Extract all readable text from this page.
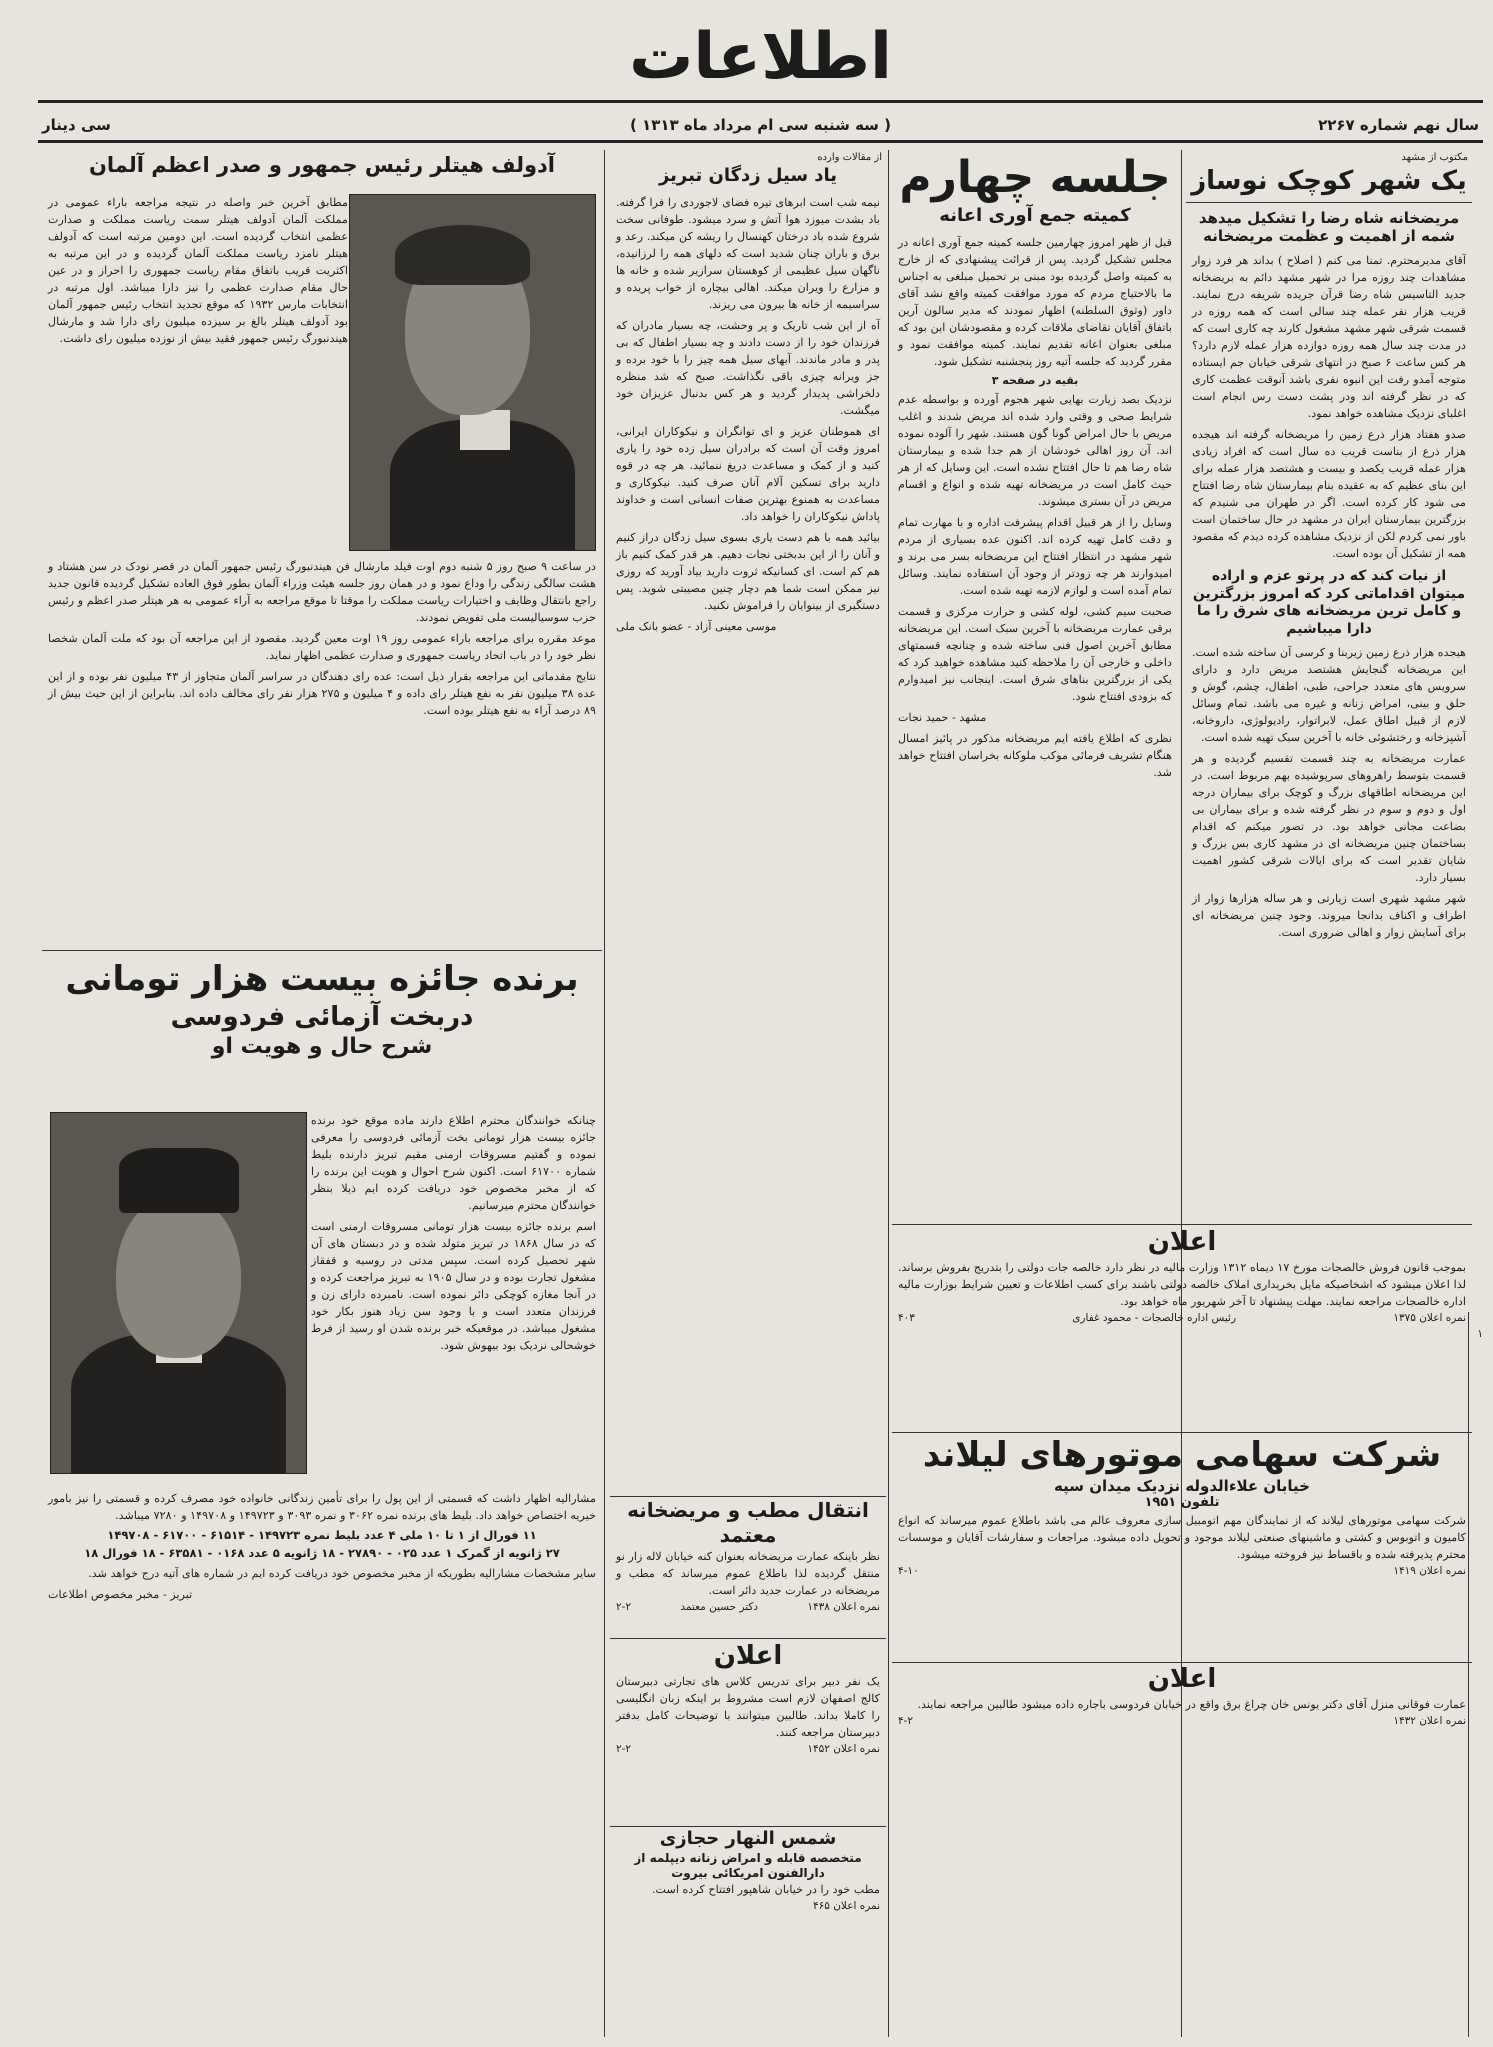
اطلاعات
سال نهم شماره ۲۲۶۷
( سه شنبه سی ام مرداد ماه ۱۳۱۳ )
سی دینار
مکتوب از مشهد
یک شهر کوچک نوساز
مریضخانه شاه رضا را تشکیل میدهد شمه از اهمیت و عظمت مریضخانه

آقای مدیرمحترم. تمنا می کنم ( اصلاح ) بداند هر فرد زوار مشاهدات چند روزه مرا در شهر مشهد دائم به بریضخانه جدید التاسیس شاه رضا قرآن جریده شریفه درج نمایند. قریب هزار نفر عمله چند سالی است که همه روزه در قسمت شرقی شهر مشهد مشغول کارند چه کاری است که در مدت چند سال همه روزه دوازده هزار عمله لازم دارد؟ هر کس ساعت ۶ صبح در انتهای شرقی خیابان جم ایستاده متوجه آمدو رفت این انبوه نفری باشد آنوقت عظمت کاری که در نظر گرفته اند ودر پشت دست رس انجام است اغلبای نزدیک مشاهده خواهد نمود.

صدو هفتاد هزار ذرع زمین را مریضخانه گرفته اند هیجده هزار ذرع از بناست قریب ده سال است که افراد زیادی هزار عمله قریب یکصد و بیست و هشتصد هزار عمله برای این بنای عظیم که به عقیده بنام بیمارستان شاه رضا افتتاح می شود کار کرده است. اگر در طهران می شنیدم که بزرگترین بیمارستان ایران در مشهد در حال ساختمان است باور نمی کردم لکن از نزدیک مشاهده کرده دیدم که مقصود همه از تشکیل آن بوده است.

از نیات کند که در پرتو عزم و اراده میتوان اقداماتی کرد که امروز بزرگترین و کامل ترین مریضخانه های شرق را ما دارا میباشیم

هیجده هزار ذرع زمین زیربنا و کرسی آن ساخته شده است. این مریضخانه گنجایش هشتصد مریض دارد و دارای سرویس های متعدد جراحی، طبی، اطفال، چشم، گوش و حلق و بینی، امراض زنانه و غیره می باشد. تمام وسائل لازم از قبیل اطاق عمل، لابراتوار، رادیولوژی، داروخانه، آشپزخانه و رختشوئی خانه با آخرین سبک تهیه شده است.

عمارت مریضخانه به چند قسمت تقسیم گردیده و هر قسمت بتوسط راهروهای سرپوشیده بهم مربوط است. در این مریضخانه اطاقهای بزرگ و کوچک برای بیماران درجه اول و دوم و سوم در نظر گرفته شده و برای بیماران بی بضاعت مجانی خواهد بود. در تصور میکنم که اقدام بساختمان چنین مریضخانه ای در مشهد کاری بس بزرگ و شایان تقدیر است که برای ایالات شرقی کشور اهمیت بسیار دارد.

شهر مشهد شهری است زیارتی و هر ساله هزارها زوار از اطراف و اکناف بدانجا میروند. وجود چنین مریضخانه ای برای آسایش زوار و اهالی ضروری است.

۱
جلسه چهارم
کمیته جمع آوری اعانه

قبل از ظهر امروز چهارمین جلسه کمیته جمع آوری اعانه در مجلس تشکیل گردید. پس از قرائت پیشنهادی که از خارج به کمیته واصل گردیده بود مبنی بر تحمیل مبلغی به اجناس ما بالاحتیاج مردم که مورد موافقت کمیته واقع نشد آقای داور (وثوق السلطنه) اظهار نمودند که مدیر سالون آرین باتفاق آقایان تقاضای ملاقات کرده و مقصودشان این بود که مبلغی بعنوان اعانه تقدیم نمایند. کمیته موافقت نمود و مقرر گردید که جلسه آتیه روز پنجشنبه تشکیل شود.

بقیه در صفحه ۳

نزدیک بصد زیارت بهایی شهر هجوم آورده و بواسطه عدم شرایط صحی و وقتی وارد شده اند مریض شدند و اغلب مریض با حال امراض گونا گون هستند. شهر را آلوده نموده اند. آن روز اهالی خودشان از هم جدا شده و بیمارستان شاه رضا هم تا حال افتتاح نشده است. این وسایل که از هر حیث کامل است در مریضخانه تهیه شده و انواع و اقسام مریض در آن بستری میشوند.

وسایل را از هر قبیل اقدام پیشرفت اداره و با مهارت تمام و دقت کامل تهیه کرده اند. اکنون عده بسیاری از مردم شهر مشهد در انتظار افتتاح این مریضخانه بسر می برند و امیدوارند هر چه زودتر از وجود آن استفاده نمایند. وسائل تمام آمده است و لوازم لازمه تهیه شده است.

صحبت سیم کشی، لوله کشی و حرارت مرکزی و قسمت برقی عمارت مریضخانه با آخرین سبک است. این مریضخانه مطابق آخرین اصول فنی ساخته شده و چنانچه قسمتهای داخلی و خارجی آن را ملاحظه کنید مشاهده خواهید کرد که یکی از بزرگترین بناهای شرق است. اینجانب نیز امیدوارم که بزودی افتتاح شود.

مشهد - حمید نجات

نظری که اطلاع یافته ایم مریضخانه مذکور در پائیز امسال هنگام تشریف فرمائی موکب ملوکانه بخراسان افتتاح خواهد شد.

اعلان
بموجب قانون فروش خالصجات مورخ ۱۷ دیماه ۱۳۱۲ وزارت مالیه در نظر دارد خالصه جات دولتی را بتدریج بفروش برساند. لذا اعلان میشود که اشخاصیکه مایل بخریداری املاک خالصه دولتی باشند برای کسب اطلاعات و تعیین شرایط بوزارت مالیه اداره خالصجات مراجعه نمایند. مهلت پیشنهاد تا آخر شهریور ماه خواهد بود.
نمره اعلان ۱۳۷۵
رئیس اداره خالصجات - محمود غفاری
۴۰۳
شرکت سهامی موتورهای لیلاند
خیابان علاءالدوله نزدیک میدان سپه
تلفون ۱۹۵۱
شرکت سهامی موتورهای لیلاند که از نمایندگان مهم اتومبیل سازی معروف عالم می باشد باطلاع عموم میرساند که انواع کامیون و اتوبوس و کشتی و ماشینهای صنعتی لیلاند موجود و تحویل داده میشود. مراجعات و سفارشات آقایان و موسسات محترم پذیرفته شده و باقساط نیز فروخته میشود.
نمره اعلان ۱۴۱۹
۴-۱۰
از مقالات وارده
یاد سیل زدگان تبریز

نیمه شب است ابرهای تیره فضای لاجوردی را فرا گرفته. باد بشدت میوزد هوا آتش و سرد میشود. طوفانی سخت شروع شده باد درختان کهنسال را ریشه کن میکند. رعد و برق و باران چنان شدید است که دلهای همه را لرزانیده، ناگهان سیل عظیمی از کوهستان سرازیر شده و خانه ها و مزارع را ویران میکند. اهالی بیچاره از خواب پریده و سراسیمه از خانه ها بیرون می ریزند.

آه از این شب تاریک و پر وحشت، چه بسیار مادران که فرزندان خود را از دست دادند و چه بسیار اطفال که بی پدر و مادر ماندند. آبهای سیل همه چیز را با خود برده و جز ویرانه چیزی باقی نگذاشت. صبح که شد منظره دلخراشی پدیدار گردید و هر کس بدنبال عزیزان خود میگشت.

ای هموطنان عزیز و ای توانگران و نیکوکاران ایرانی، امروز وقت آن است که برادران سیل زده خود را یاری کنید و از کمک و مساعدت دریغ ننمائید. هر چه در قوه دارید برای تسکین آلام آنان صرف کنید. نیکوکاری و مساعدت به همنوع بهترین صفات انسانی است و خداوند پاداش نیکوکاران را خواهد داد.

بیائید همه با هم دست یاری بسوی سیل زدگان دراز کنیم و آنان را از این بدبختی نجات دهیم. هر قدر کمک کنیم باز هم کم است. ای کسانیکه ثروت دارید بیاد آورید که روزی نیز ممکن است شما هم دچار چنین مصیبتی شوید. پس دستگیری از بینوایان را فراموش نکنید.

موسی معینی آزاد - عضو بانک ملی

انتقال مطب و مریضخانه معتمد
نظر باینکه عمارت مریضخانه بعنوان کنه خیابان لاله زار نو منتقل گردیده لذا باطلاع عموم میرساند که مطب و مریضخانه در عمارت جدید دائر است.
نمره اعلان ۱۴۳۸
دکتر حسین معتمد
۲-۲
اعلان
یک نفر دبیر برای تدریس کلاس های تجارتی دبیرستان کالج اصفهان لازم است مشروط بر اینکه زبان انگلیسی را کاملا بداند. طالبین میتوانند با توضیحات کامل بدفتر دبیرستان مراجعه کنند.
نمره اعلان ۱۴۵۲
۲-۲
شمس النهار حجازی
متخصصه قابله و امراض زنانه دیپلمه از دارالفنون امریکائی بیروت
مطب خود را در خیابان شاهپور افتتاح کرده است.
نمره اعلان ۴۶۵
اعلان
عمارت فوقانی منزل آقای دکتر یونس خان چراغ برق واقع در خیابان فردوسی باجاره داده میشود طالبین مراجعه نمایند.
نمره اعلان ۱۴۳۲
۴-۲
آدولف هیتلر رئیس جمهور و صدر اعظم آلمان

مطابق آخرین خبر واصله در نتیجه مراجعه باراء عمومی در مملکت آلمان آدولف هیتلر سمت ریاست مملکت و صدارت عظمی انتخاب گردیده است. این دومین مرتبه است که آدولف هیتلر نامزد ریاست مملکت آلمان گردیده و در این مرتبه به اکثریت قریب باتفاق مقام ریاست جمهوری را احراز و در عین حال مقام صدارت عظمی را نیز دارا میباشد. اول مرتبه در انتخابات مارس ۱۹۳۲ که موقع تجدید انتخاب رئیس جمهور آلمان بود آدولف هیتلر بالغ بر سیزده میلیون رای دارا شد و مارشال هیندنبورگ رئیس جمهور فقید بیش از نوزده میلیون رای داشت.

در ساعت ۹ صبح روز ۵ شنبه دوم اوت فیلد مارشال فن هیندنبورگ رئیس جمهور آلمان در قصر نودک در سن هشتاد و هشت سالگی زندگی را وداع نمود و در همان روز جلسه هیئت وزراء آلمان بطور فوق العاده تشکیل گردیده قانون جدید راجع بانتقال وظایف و اختیارات ریاست مملکت را موقتا تا موقع مراجعه به آراء عمومی به هر هیتلر صدر اعظم و رئیس حزب سوسیالیست ملی تفویض نمودند.

موعد مقرره برای مراجعه باراء عمومی روز ۱۹ اوت معین گردید. مقصود از این مراجعه آن بود که ملت آلمان شخصا نظر خود را در باب اتحاد ریاست جمهوری و صدارت عظمی اظهار نماید.

نتایج مقدماتی این مراجعه بقرار ذیل است: عده رای دهندگان در سراسر آلمان متجاوز از ۴۳ میلیون نفر بوده و از این عده ۳۸ میلیون نفر به نفع هیتلر رای داده و ۴ میلیون و ۲۷۵ هزار نفر رای مخالف داده اند. بنابراین از این حیث بیش از ۸۹ درصد آراء به نفع هیتلر بوده است.

برنده جائزه بیست هزار تومانی
دربخت آزمائی فردوسی
شرح حال و هویت او

چنانکه خوانندگان محترم اطلاع دارند ماده موقع خود برنده جائزه بیست هزار تومانی بخت آزمائی فردوسی را معرفی نموده و گفتیم مسروقات ارمنی مقیم تبریز دارنده بلیط شماره ۶۱۷۰۰ است. اکنون شرح احوال و هویت این برنده را که از مخبر مخصوص خود دریافت کرده ایم ذیلا بنظر خوانندگان محترم میرسانیم.

اسم برنده جائزه بیست هزار تومانی مسروقات ارمنی است که در سال ۱۸۶۸ در تبریز متولد شده و در دبستان های آن شهر تحصیل کرده است. سپس مدتی در روسیه و قفقاز مشغول تجارت بوده و در سال ۱۹۰۵ به تبریز مراجعت کرده و در آنجا مغازه کوچکی دائر نموده است. نامبرده دارای زن و فرزندان متعدد است و با وجود سن زیاد هنوز بکار خود مشغول میباشد. در موقعیکه خبر برنده شدن او رسید از فرط خوشحالی نزدیک بود بیهوش شود.

مشارالیه اظهار داشت که قسمتی از این پول را برای تأمین زندگانی خانواده خود مصرف کرده و قسمتی را نیز بامور خیریه اختصاص خواهد داد. بلیط های برنده نمره ۳۰۶۲ و نمره ۳۰۹۳ و ۱۴۹۷۲۳ و ۱۴۹۷۰۸ و ۷۲۸۰ میباشد.

۱۱ فورال از ۱ تا ۱۰ ملی ۴ عدد بلیط نمره ۱۴۹۷۲۳ - ۶۱۵۱۴ - ۶۱۷۰۰ - ۱۴۹۷۰۸

۲۷ ژانویه از گمرک ۱ عدد ۰۲۵ - ۲۷۸۹۰ - ۱۸ ژانویه ۵ عدد ۰۱۶۸ - ۶۳۵۸۱ - ۱۸ فورال ۱۸

سایر مشخصات مشارالیه بطوریکه از مخبر مخصوص خود دریافت کرده ایم در شماره های آتیه درج خواهد شد.

تبریز - مخبر مخصوص اطلاعات
